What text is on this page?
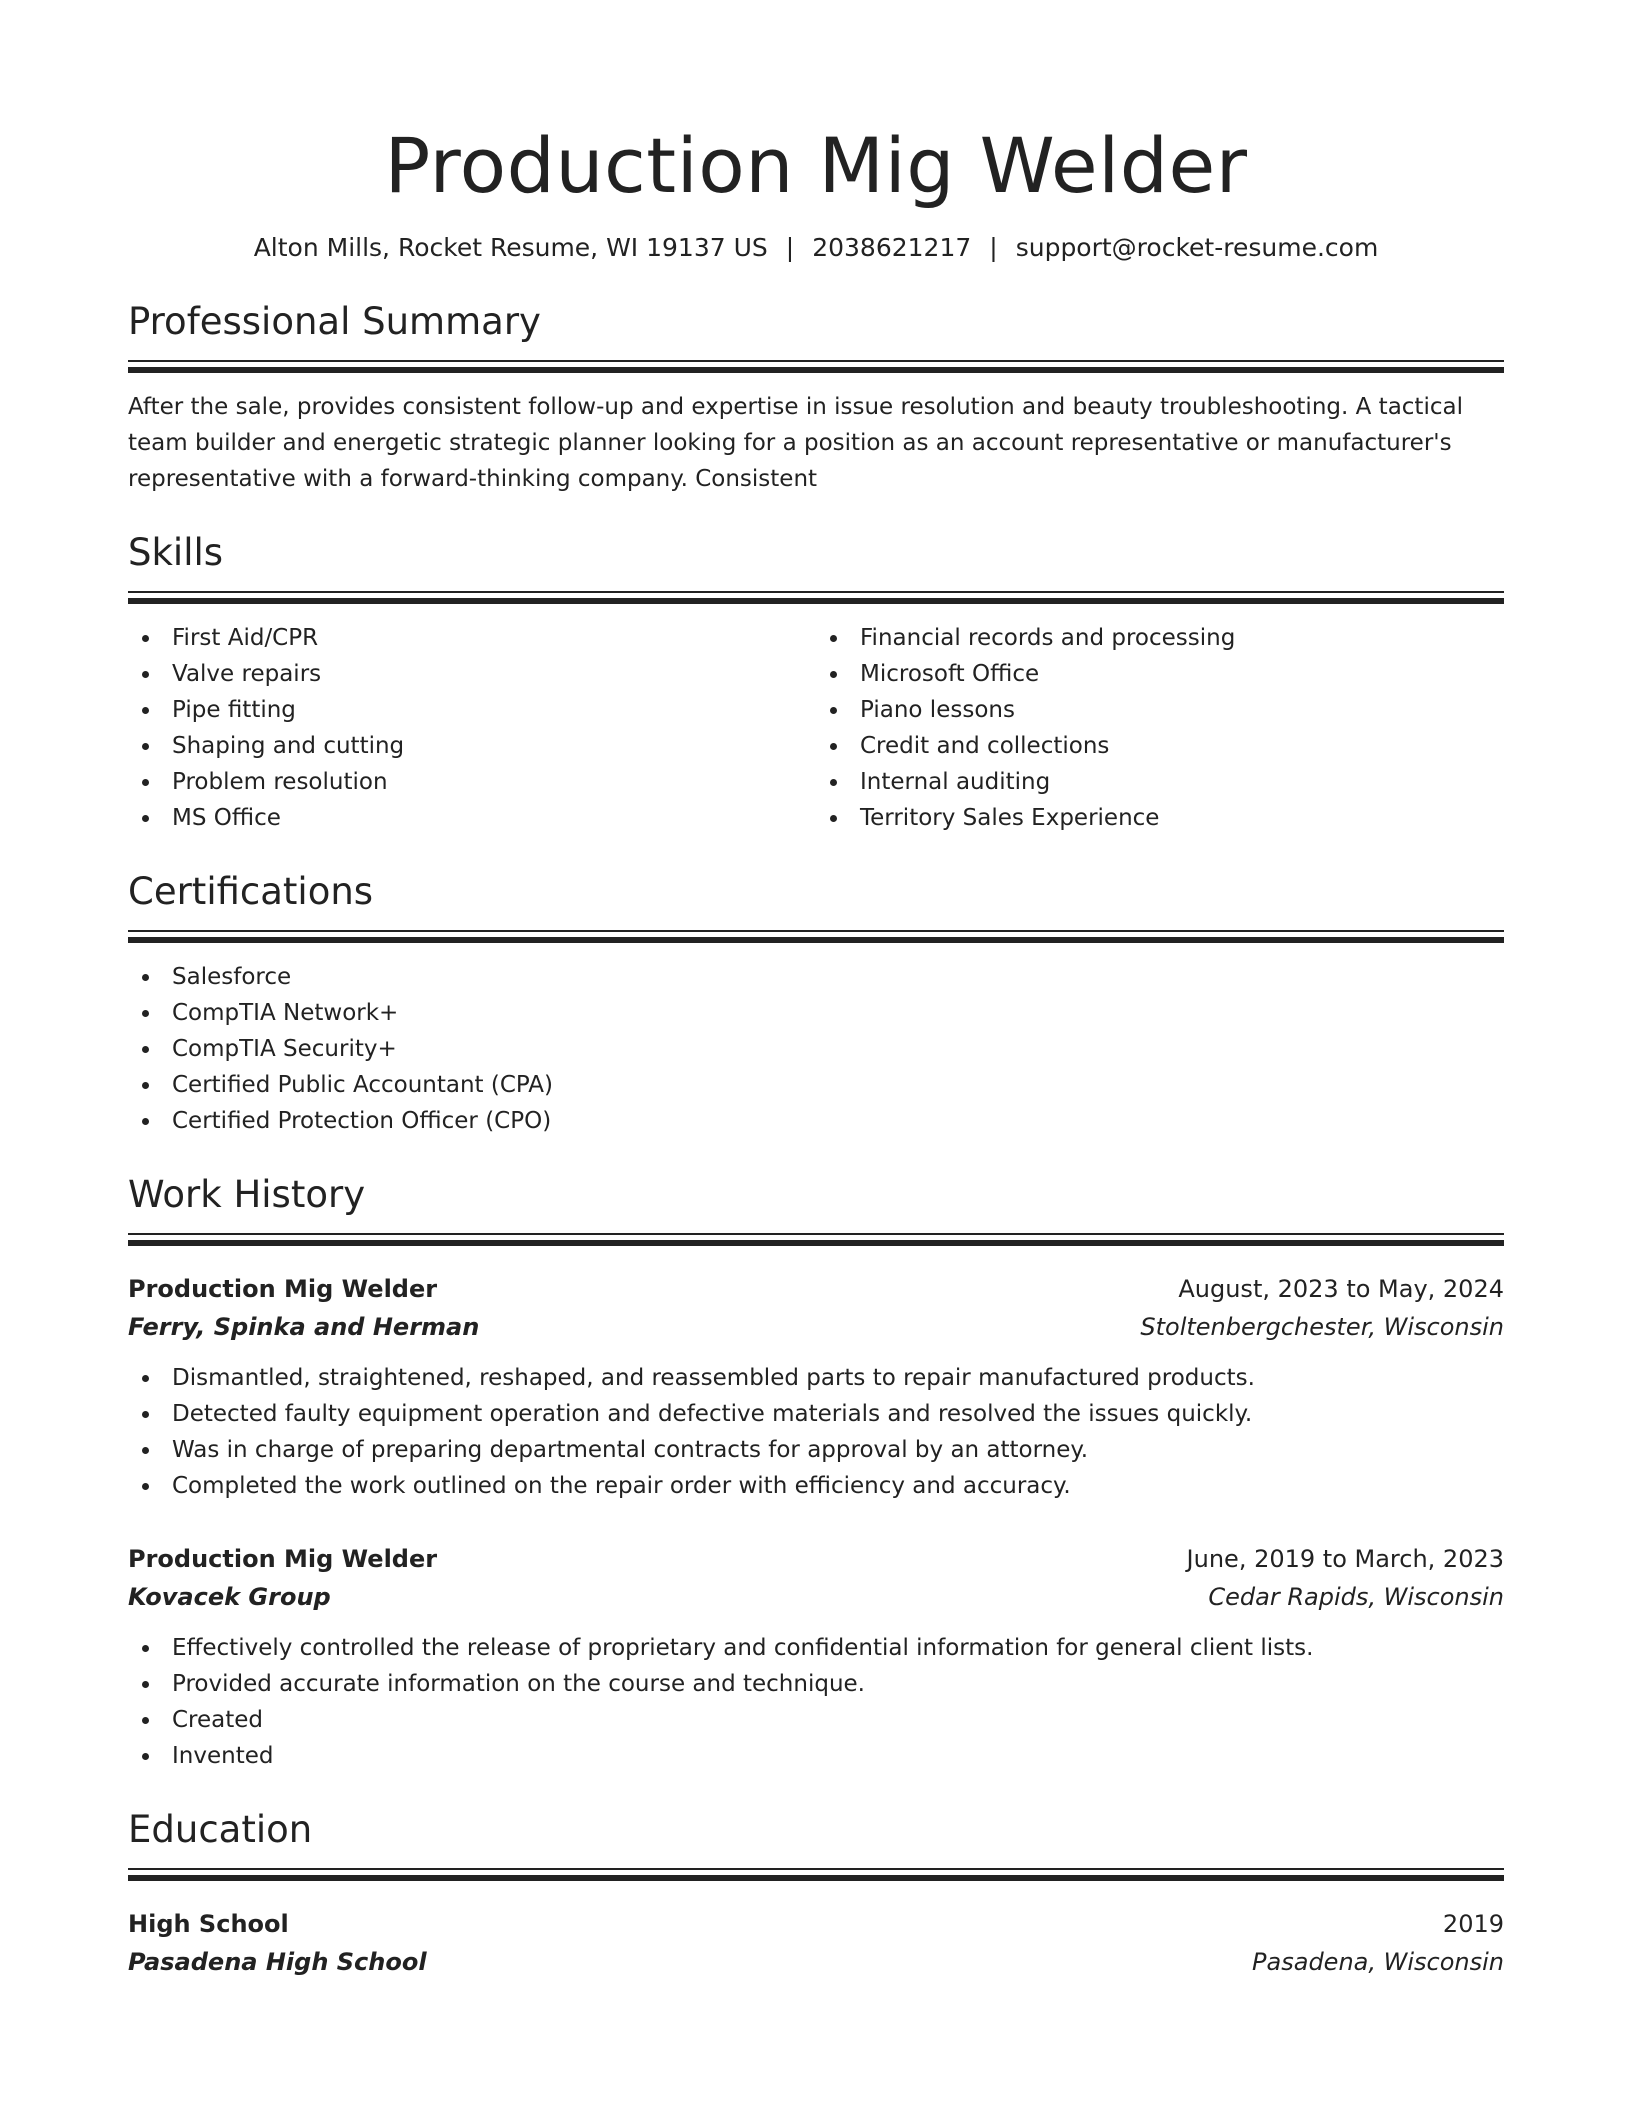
Production Mig Welder
Alton Mills, Rocket Resume, WI 19137 US | 2038621217 | support@rocket-resume.com
Professional Summary
After the sale, provides consistent follow-up and expertise in issue resolution and beauty troubleshooting. A tactical team builder and energetic strategic planner looking for a position as an account representative or manufacturer's representative with a forward-thinking company. Consistent
Skills
First Aid/CPR
Valve repairs
Pipe fitting
Shaping and cutting
Problem resolution
MS Office
Financial records and processing
Microsoft Office
Piano lessons
Credit and collections
Internal auditing
Territory Sales Experience
Certifications
Salesforce
CompTIA Network+
CompTIA Security+
Certified Public Accountant (CPA)
Certified Protection Officer (CPO)
Work History
Production Mig Welder	August, 2023 to May, 2024
Ferry, Spinka and Herman	Stoltenbergchester, Wisconsin
Dismantled, straightened, reshaped, and reassembled parts to repair manufactured products.
Detected faulty equipment operation and defective materials and resolved the issues quickly.
Was in charge of preparing departmental contracts for approval by an attorney.
Completed the work outlined on the repair order with efficiency and accuracy.
Production Mig Welder	June, 2019 to March, 2023
Kovacek Group	Cedar Rapids, Wisconsin
Effectively controlled the release of proprietary and confidential information for general client lists.
Provided accurate information on the course and technique.
Created
Invented
Education
High School	2019
Pasadena High School	Pasadena, Wisconsin
